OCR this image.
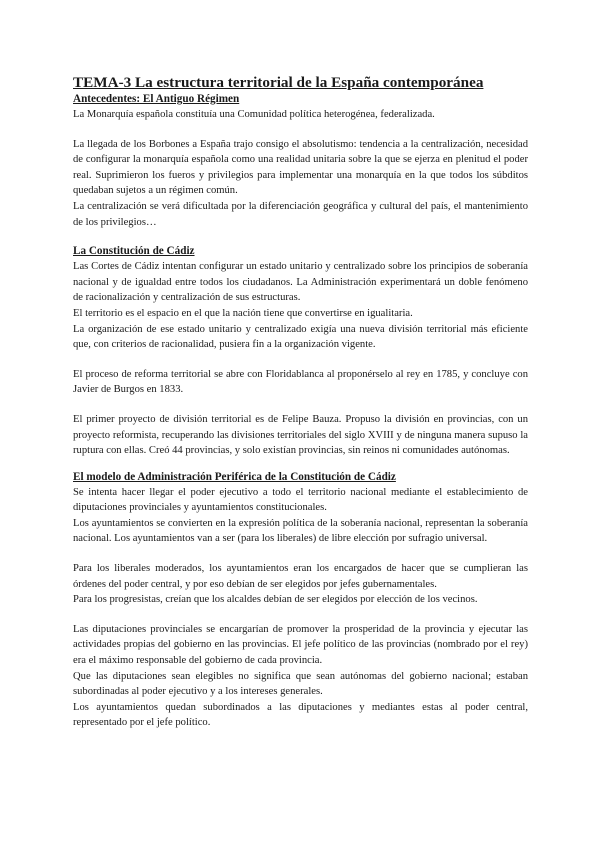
TEMA-3 La estructura territorial de la España contemporánea
Antecedentes: El Antiguo Régimen

La Monarquía española constituía una Comunidad política heterogénea, federalizada.

La llegada de los Borbones a España trajo consigo el absolutismo: tendencia a la centralización, necesidad de configurar la monarquía española como una realidad unitaria sobre la que se ejerza en plenitud el poder real. Suprimieron los fueros y privilegios para implementar una monarquía en la que todos los súbditos quedaban sujetos a un régimen común.

La centralización se verá dificultada por la diferenciación geográfica y cultural del país, el mantenimiento de los privilegios…

La Constitución de Cádiz

Las Cortes de Cádiz intentan configurar un estado unitario y centralizado sobre los principios de soberanía nacional y de igualdad entre todos los ciudadanos. La Administración experimentará un doble fenómeno de racionalización y centralización de sus estructuras.

El territorio es el espacio en el que la nación tiene que convertirse en igualitaria.

La organización de ese estado unitario y centralizado exigía una nueva división territorial más eficiente que, con criterios de racionalidad, pusiera fin a la organización vigente.

El proceso de reforma territorial se abre con Floridablanca al proponérselo al rey en 1785, y concluye con Javier de Burgos en 1833.

El primer proyecto de división territorial es de Felipe Bauza. Propuso la división en provincias, con un proyecto reformista, recuperando las divisiones territoriales del siglo XVIII y de ninguna manera supuso la ruptura con ellas. Creó 44 provincias, y solo existían provincias, sin reinos ni comunidades autónomas.

El modelo de Administración Periférica de la Constitución de Cádiz

Se intenta hacer llegar el poder ejecutivo a todo el territorio nacional mediante el establecimiento de diputaciones provinciales y ayuntamientos constitucionales.

Los ayuntamientos se convierten en la expresión política de la soberanía nacional, representan la soberanía nacional. Los ayuntamientos van a ser (para los liberales) de libre elección por sufragio universal.

Para los liberales moderados, los ayuntamientos eran los encargados de hacer que se cumplieran las órdenes del poder central, y por eso debían de ser elegidos por jefes gubernamentales.

Para los progresistas, creían que los alcaldes debían de ser elegidos por elección de los vecinos.

Las diputaciones provinciales se encargarían de promover la prosperidad de la provincia y ejecutar las actividades propias del gobierno en las provincias. El jefe político de las provincias (nombrado por el rey) era el máximo responsable del gobierno de cada provincia.

Que las diputaciones sean elegibles no significa que sean autónomas del gobierno nacional; estaban subordinadas al poder ejecutivo y a los intereses generales.

Los ayuntamientos quedan subordinados a las diputaciones y mediantes estas al poder central, representado por el jefe político.
